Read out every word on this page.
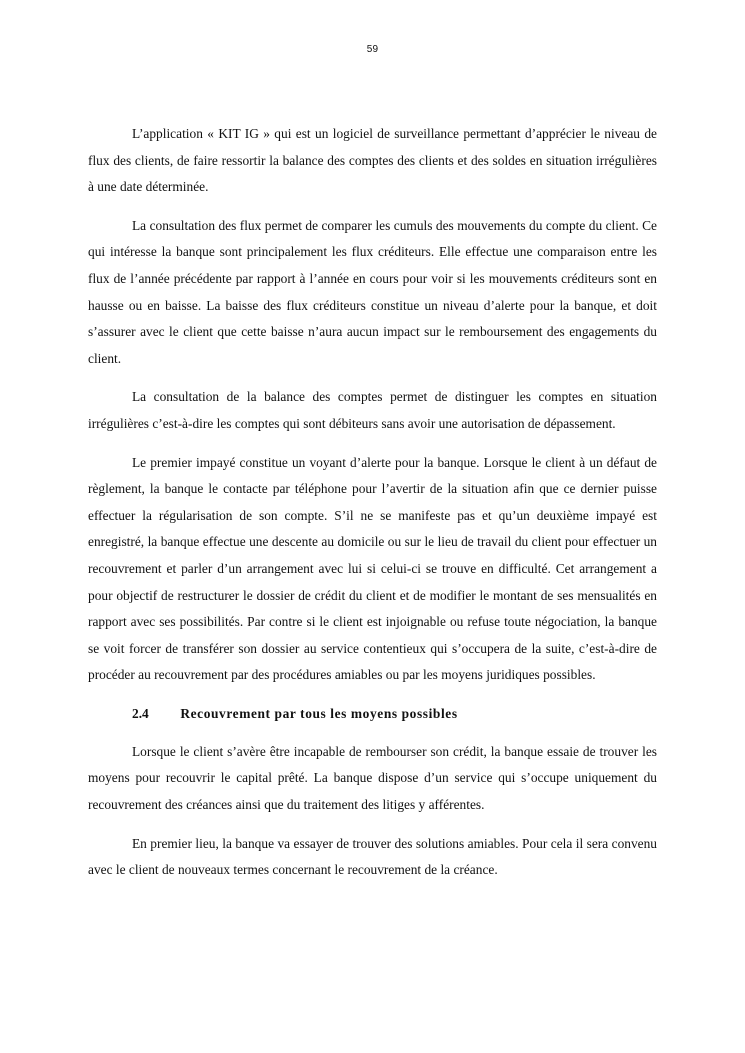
59

L’application « KIT IG » qui est un logiciel de surveillance permettant d’apprécier le niveau de flux des clients, de faire ressortir la balance des comptes des clients et des soldes en situation irrégulières à une date déterminée.

La consultation des flux permet de comparer les cumuls des mouvements du compte du client. Ce qui intéresse la banque sont principalement les flux créditeurs. Elle effectue une comparaison entre les flux de l’année précédente par rapport à l’année en cours pour voir si les mouvements créditeurs sont en hausse ou en baisse. La baisse des flux créditeurs constitue un niveau d’alerte pour la banque, et doit s’assurer avec le client que cette baisse n’aura aucun impact sur le remboursement des engagements du client.

La consultation de la balance des comptes permet de distinguer les comptes en situation irrégulières c’est-à-dire les comptes qui sont débiteurs sans avoir une autorisation de dépassement.

Le premier impayé constitue un voyant d’alerte pour la banque. Lorsque le client à un défaut de règlement, la banque le contacte par téléphone pour l’avertir de la situation afin que ce dernier puisse effectuer la régularisation de son compte. S’il ne se manifeste pas et qu’un deuxième impayé est enregistré, la banque effectue une descente au domicile ou sur le lieu de travail du client pour effectuer un recouvrement et parler d’un arrangement avec lui si celui-ci se trouve en difficulté. Cet arrangement a pour objectif de restructurer le dossier de crédit du client et de modifier le montant de ses mensualités en rapport avec ses possibilités. Par contre si le client est injoignable ou refuse toute négociation, la banque se voit forcer de transférer son dossier au service contentieux qui s’occupera de la suite, c’est-à-dire de procéder au recouvrement par des procédures amiables ou par les moyens juridiques possibles.

2.4 Recouvrement par tous les moyens possibles

Lorsque le client s’avère être incapable de rembourser son crédit, la banque essaie de trouver les moyens pour recouvrir le capital prêté. La banque dispose d’un service qui s’occupe uniquement du recouvrement des créances ainsi que du traitement des litiges y afférentes.

En premier lieu, la banque va essayer de trouver des solutions amiables. Pour cela il sera convenu avec le client de nouveaux termes concernant le recouvrement de la créance.
